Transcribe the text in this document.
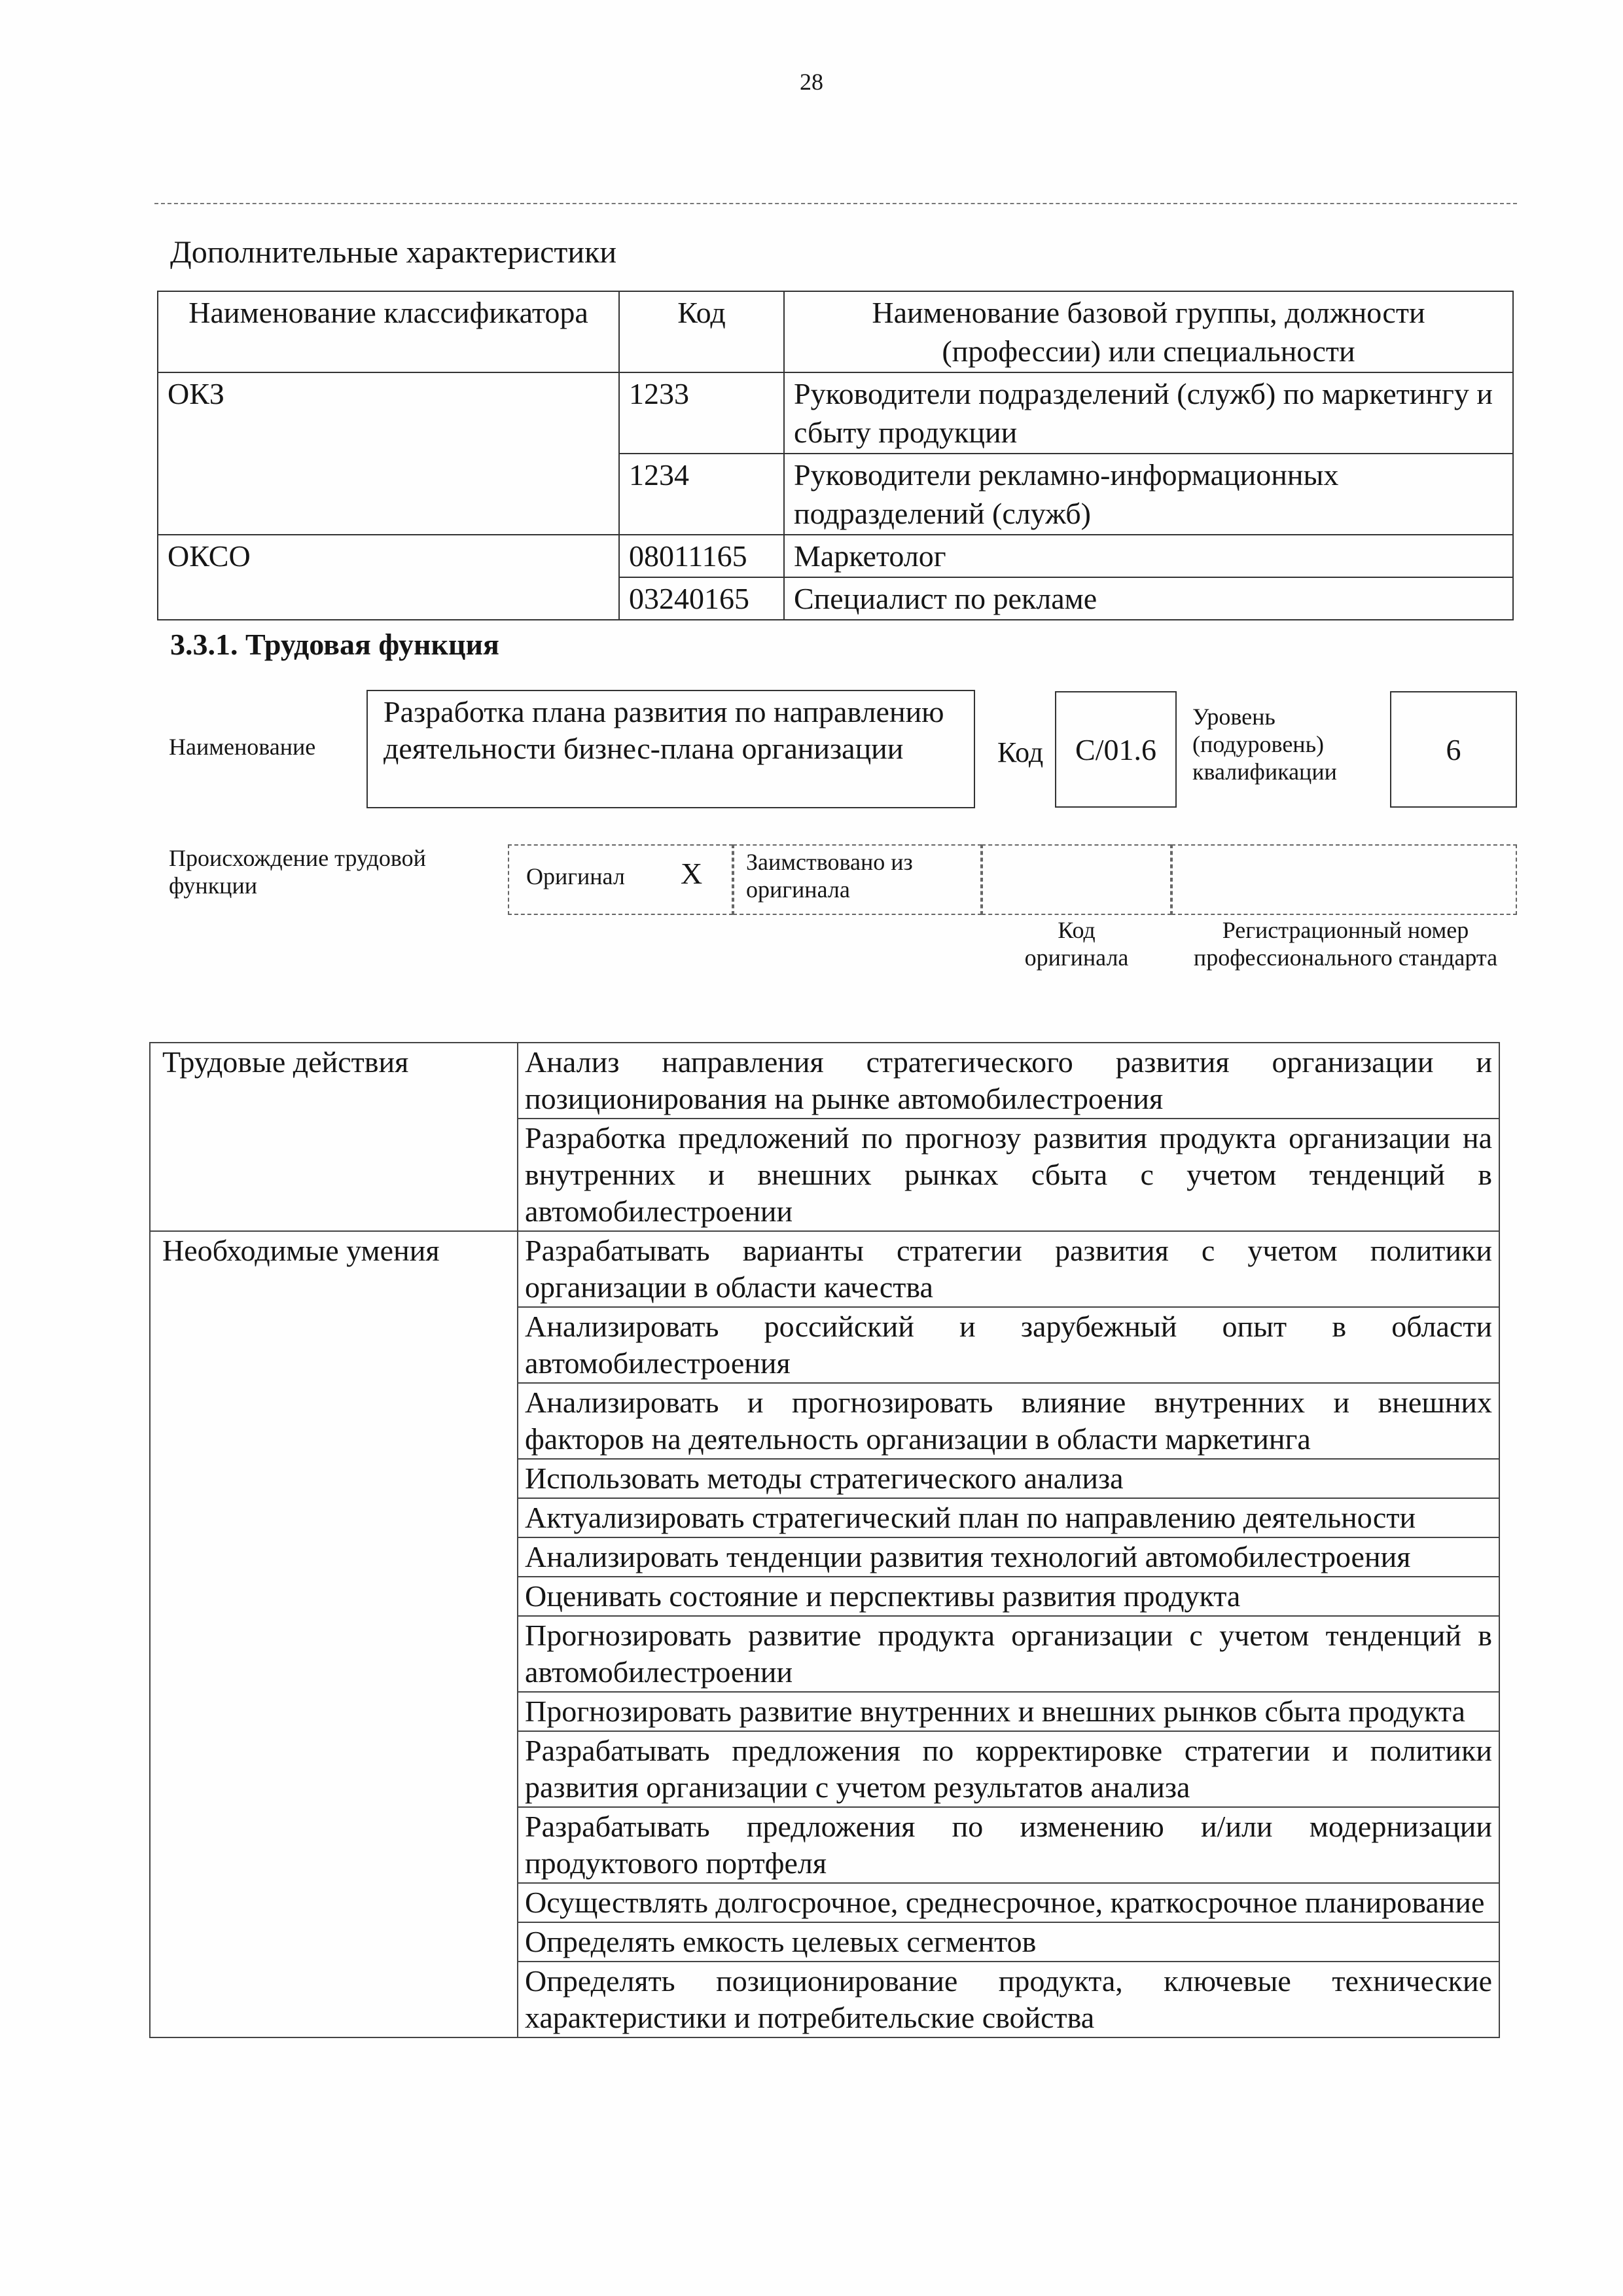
28
Дополнительные характеристики
Наименование классификатора	Код	Наименование базовой группы, должности (профессии) или специальности
ОКЗ	1233	Руководители подразделений (служб) по маркетингу и сбыту продукции
	1234	Руководители рекламно-информационных подразделений (служб)
ОКСО	08011165	Маркетолог
	03240165	Специалист по рекламе
3.3.1. Трудовая функция
Наименование
Разработка плана развития по направлению деятельности бизнес-плана организации	Код	C/01.6
Уровень (подуровень) квалификации
6
Происхождение трудовой функции	Оригинал X Заимствовано из оригинала
Код оригинала
Регистрационный номер профессионального стандарта
Трудовые действия	Анализ направления стратегического развития организации и позиционирования на рынке автомобилестроения
	Разработка предложений по прогнозу развития продукта организации на внутренних и внешних рынках сбыта с учетом тенденций в автомобилестроении
Необходимые умения	Разрабатывать варианты стратегии развития с учетом политики организации в области качества
	Анализировать российский и зарубежный опыт в области автомобилестроения
	Анализировать и прогнозировать влияние внутренних и внешних факторов на деятельность организации в области маркетинга
	Использовать методы стратегического анализа
	Актуализировать стратегический план по направлению деятельности
	Анализировать тенденции развития технологий автомобилестроения
	Оценивать состояние и перспективы развития продукта
	Прогнозировать развитие продукта организации с учетом тенденций в автомобилестроении
	Прогнозировать развитие внутренних и внешних рынков сбыта продукта
	Разрабатывать предложения по корректировке стратегии и политики развития организации с учетом результатов анализа
	Разрабатывать предложения по изменению и/или модернизации продуктового портфеля
	Осуществлять долгосрочное, среднесрочное, краткосрочное планирование
	Определять емкость целевых сегментов
	Определять позиционирование продукта, ключевые технические характеристики и потребительские свойства
